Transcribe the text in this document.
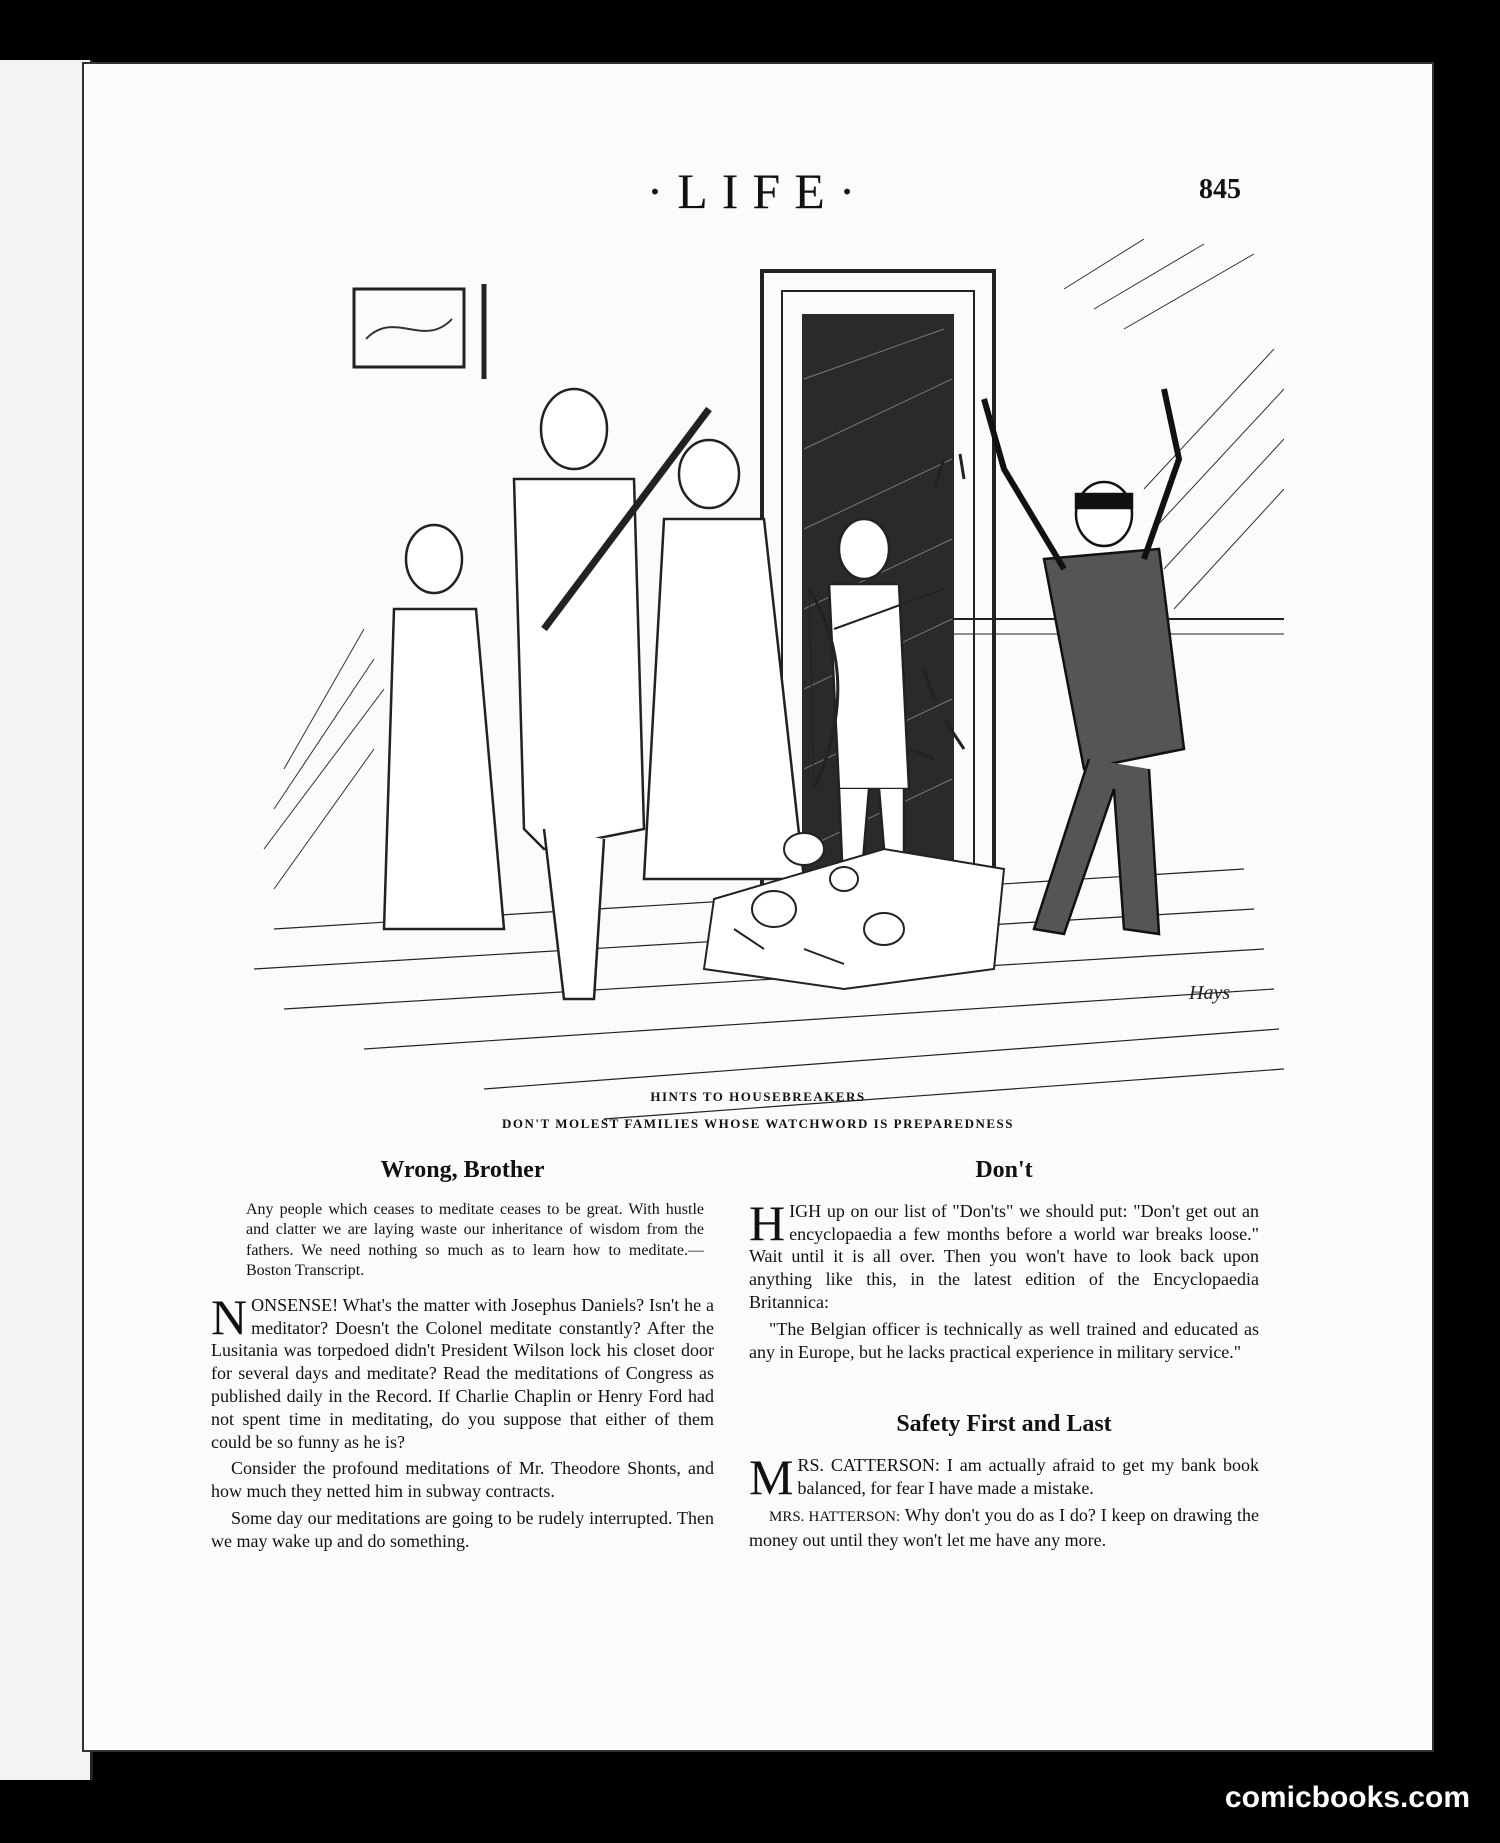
·LIFE·	845
Hays
HINTS TO HOUSEBREAKERS
DON'T MOLEST FAMILIES WHOSE WATCHWORD IS PREPAREDNESS
Wrong, Brother
Any people which ceases to meditate ceases to be great. With hustle and clatter we are laying waste our inheritance of wisdom from the fathers. We need nothing so much as to learn how to meditate.—Boston Transcript.

NONSENSE! What's the matter with Josephus Daniels? Isn't he a meditator? Doesn't the Colonel meditate constantly? After the Lusitania was torpedoed didn't President Wilson lock his closet door for several days and meditate? Read the meditations of Congress as published daily in the Record. If Charlie Chaplin or Henry Ford had not spent time in meditating, do you suppose that either of them could be so funny as he is?

Consider the profound meditations of Mr. Theodore Shonts, and how much they netted him in subway contracts.

Some day our meditations are going to be rudely interrupted. Then we may wake up and do something.

Don't

HIGH up on our list of "Don'ts" we should put: "Don't get out an encyclopaedia a few months before a world war breaks loose." Wait until it is all over. Then you won't have to look back upon anything like this, in the latest edition of the Encyclopaedia Britannica:

"The Belgian officer is technically as well trained and educated as any in Europe, but he lacks practical experience in military service."

Safety First and Last

MRS. CATTERSON: I am actually afraid to get my bank book balanced, for fear I have made a mistake.

MRS. HATTERSON: Why don't you do as I do? I keep on drawing the money out until they won't let me have any more.

comicbooks.com
